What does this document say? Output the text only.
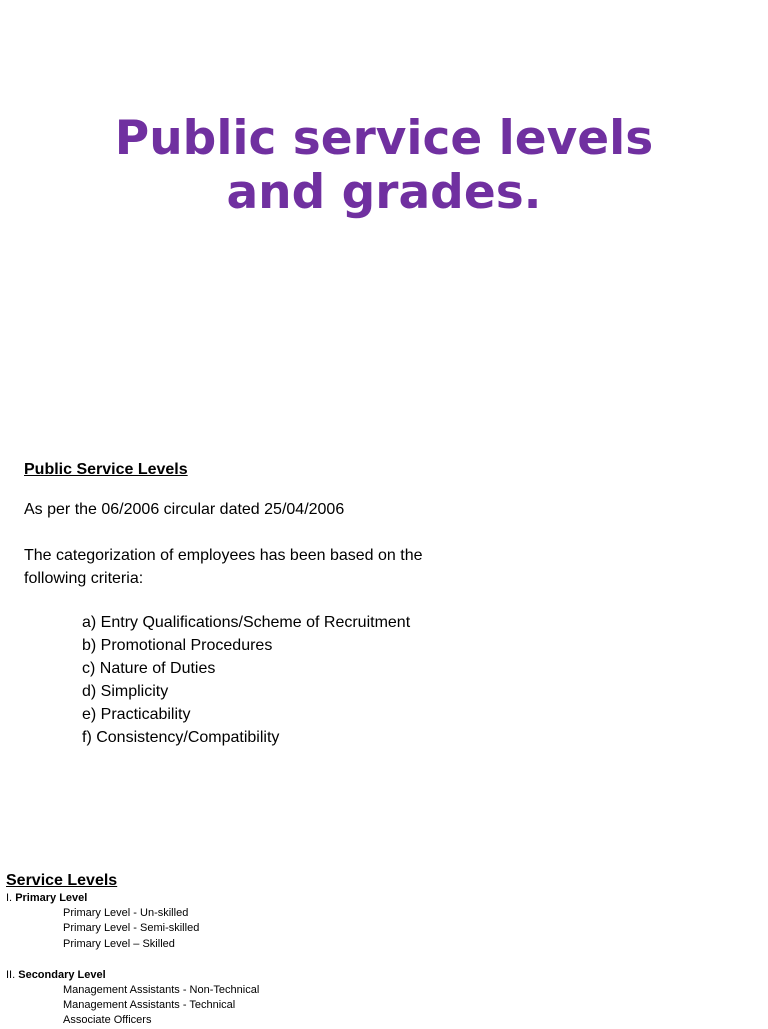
Public service levels
and grades.
Public Service Levels
As per the 06/2006 circular dated 25/04/2006
The categorization of employees has been based on the
following criteria:
a) Entry Qualifications/Scheme of Recruitment
b) Promotional Procedures
c) Nature of Duties
d) Simplicity
e) Practicability
f) Consistency/Compatibility
Service Levels
I. Primary Level
Primary Level - Un-skilled
Primary Level - Semi-skilled
Primary Level – Skilled
II. Secondary Level
Management Assistants - Non-Technical
Management Assistants - Technical
Associate Officers
